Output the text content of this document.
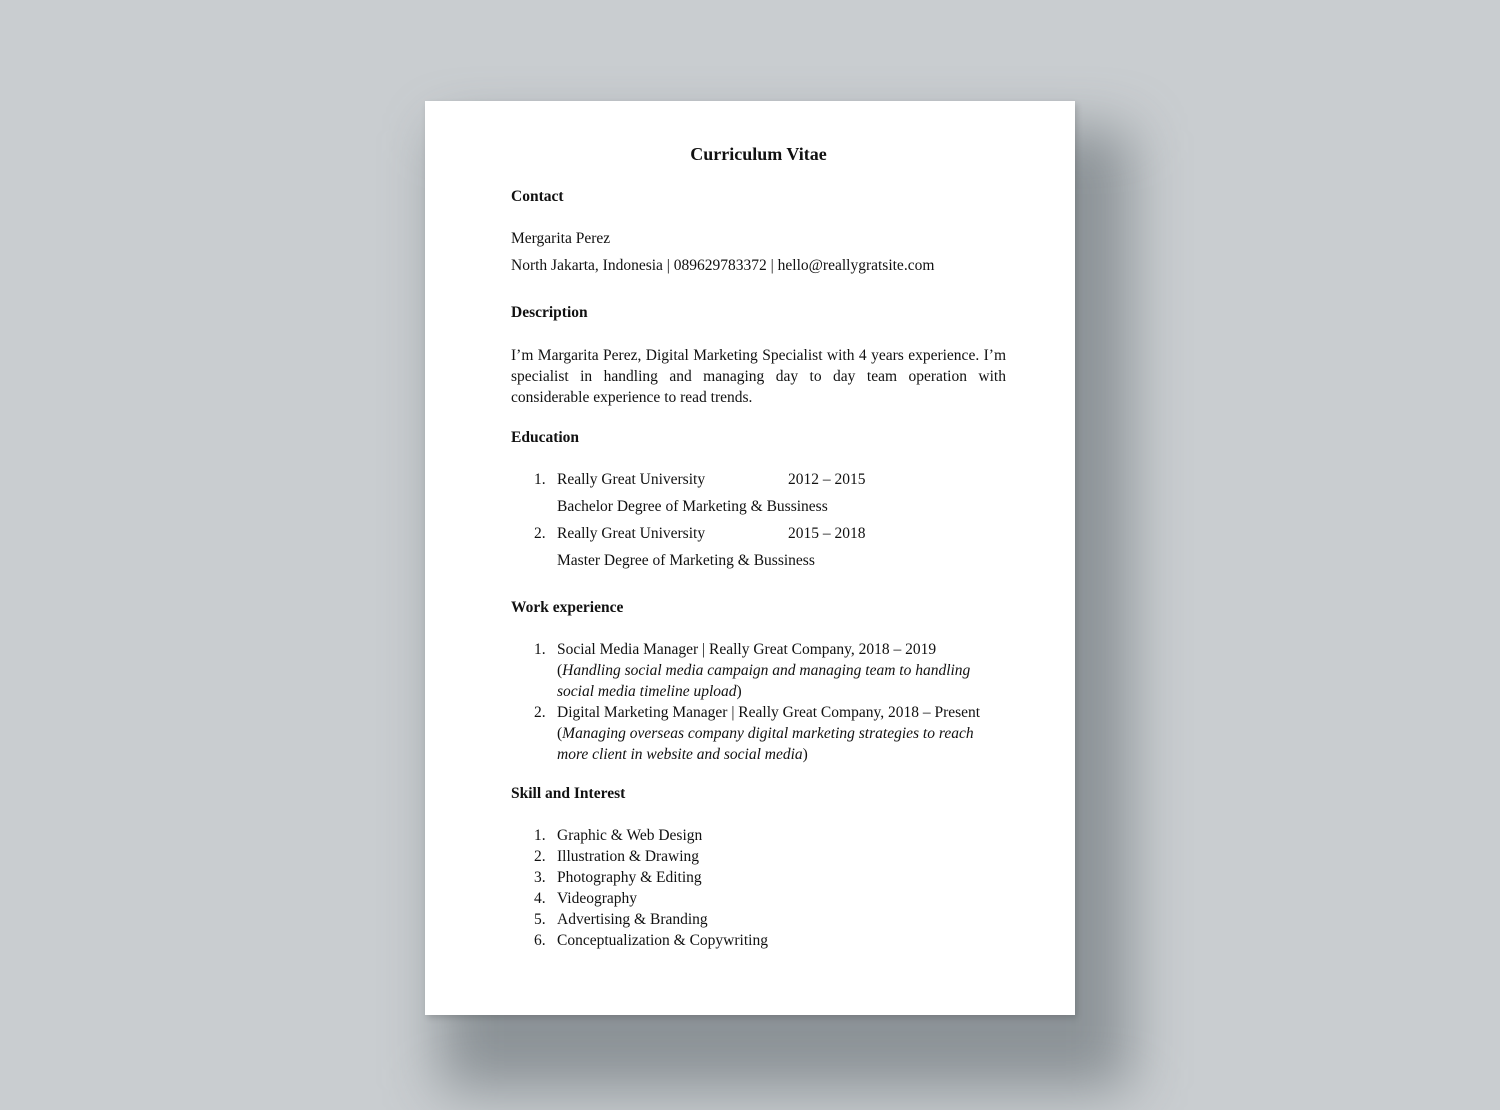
Curriculum Vitae
Contact

Mergarita Perez

North Jakarta, Indonesia | 089629783372 | hello@reallygratsite.com

Description

I’m Margarita Perez, Digital Marketing Specialist with 4 years experience. I’m specialist in handling and managing day to day team operation with considerable experience to read trends.

Education
1. Really Great University	2012 – 2015
Bachelor Degree of Marketing & Bussiness
2. Really Great University	2015 – 2018
Master Degree of Marketing & Bussiness
Work experience
1. Social Media Manager | Really Great Company, 2018 – 2019
(Handling social media campaign and managing team to handling social media timeline upload)
2. Digital Marketing Manager | Really Great Company, 2018 – Present
(Managing overseas company digital marketing strategies to reach more client in website and social media)
Skill and Interest
1. Graphic & Web Design
2. Illustration & Drawing
3. Photography & Editing
4. Videography
5. Advertising & Branding
6. Conceptualization & Copywriting
